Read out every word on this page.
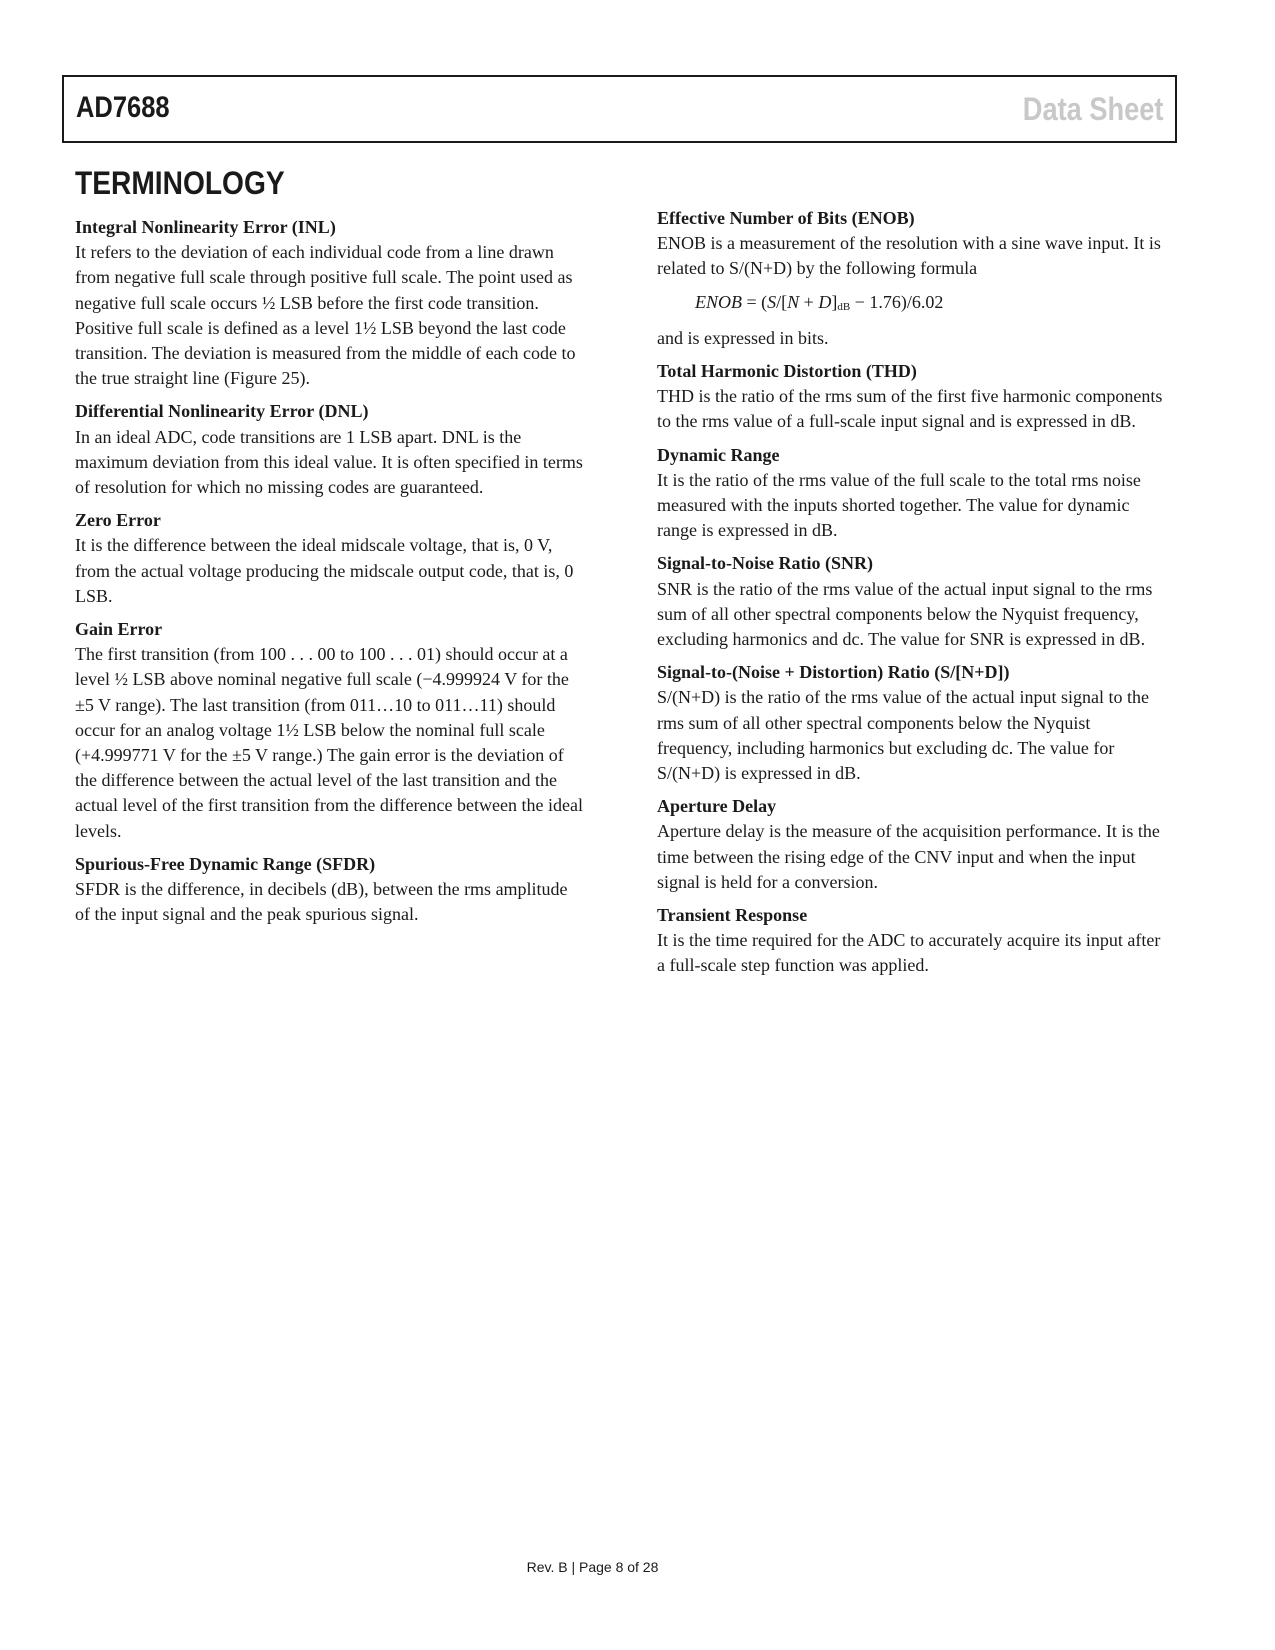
AD7688	Data Sheet
TERMINOLOGY
Integral Nonlinearity Error (INL)
It refers to the deviation of each individual code from a line drawn from negative full scale through positive full scale. The point used as negative full scale occurs ½ LSB before the first code transition. Positive full scale is defined as a level 1½ LSB beyond the last code transition. The deviation is measured from the middle of each code to the true straight line (Figure 25).
Differential Nonlinearity Error (DNL)
In an ideal ADC, code transitions are 1 LSB apart. DNL is the maximum deviation from this ideal value. It is often specified in terms of resolution for which no missing codes are guaranteed.
Zero Error
It is the difference between the ideal midscale voltage, that is, 0 V, from the actual voltage producing the midscale output code, that is, 0 LSB.
Gain Error
The first transition (from 100 . . . 00 to 100 . . . 01) should occur at a level ½ LSB above nominal negative full scale (−4.999924 V for the ±5 V range). The last transition (from 011…10 to 011…11) should occur for an analog voltage 1½ LSB below the nominal full scale (+4.999771 V for the ±5 V range.) The gain error is the deviation of the difference between the actual level of the last transition and the actual level of the first transition from the difference between the ideal levels.
Spurious-Free Dynamic Range (SFDR)
SFDR is the difference, in decibels (dB), between the rms amplitude of the input signal and the peak spurious signal.
Effective Number of Bits (ENOB)
ENOB is a measurement of the resolution with a sine wave input. It is related to S/(N+D) by the following formula
ENOB = $(S/[N + D]_{dB} - 1.76)/6.02$
and is expressed in bits.
Total Harmonic Distortion (THD)
THD is the ratio of the rms sum of the first five harmonic components to the rms value of a full-scale input signal and is expressed in dB.
Dynamic Range
It is the ratio of the rms value of the full scale to the total rms noise measured with the inputs shorted together. The value for dynamic range is expressed in dB.
Signal-to-Noise Ratio (SNR)
SNR is the ratio of the rms value of the actual input signal to the rms sum of all other spectral components below the Nyquist frequency, excluding harmonics and dc. The value for SNR is expressed in dB.
Signal-to-(Noise + Distortion) Ratio (S/[N+D])
S/(N+D) is the ratio of the rms value of the actual input signal to the rms sum of all other spectral components below the Nyquist frequency, including harmonics but excluding dc. The value for S/(N+D) is expressed in dB.
Aperture Delay
Aperture delay is the measure of the acquisition performance. It is the time between the rising edge of the CNV input and when the input signal is held for a conversion.
Transient Response
It is the time required for the ADC to accurately acquire its input after a full-scale step function was applied.
Rev. B | Page 8 of 28
